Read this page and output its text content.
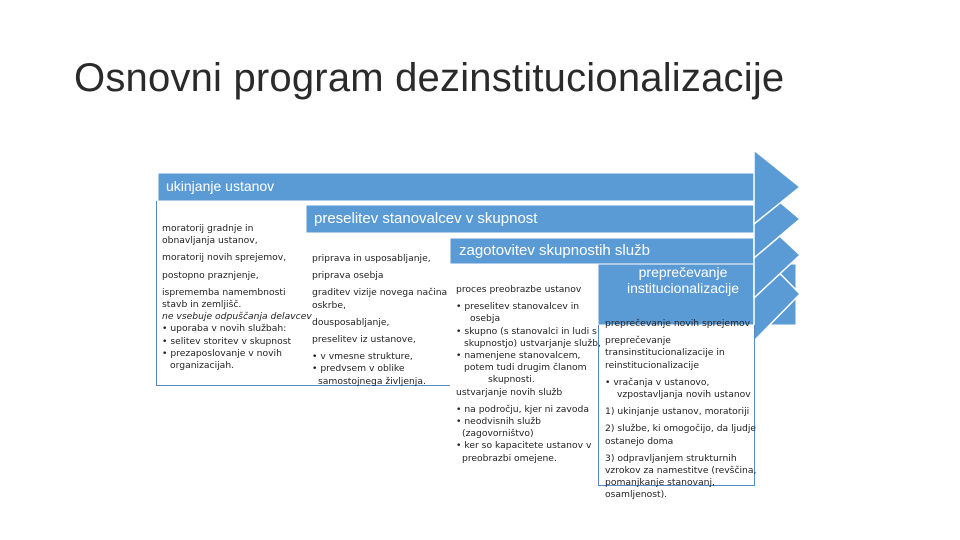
Osnovni program dezinstitucionalizacije
ukinjanje ustanov
preselitev stanovalcev v skupnost
zagotovitev skupnostih služb
preprečevanje
institucionalizacije
moratorij gradnje in
obnavljanja ustanov,
moratorij novih sprejemov,
postopno praznjenje,
isprememba namembnosti
stavb in zemljišč.
ne vsebuje odpuščanja delavcev
• uporaba v novih službah:
• selitev storitev v skupnost
• prezaposlovanje v novih
organizacijah.
priprava in usposabljanje,
priprava osebja
graditev vizije novega načina
oskrbe,
dousposabljanje,
preselitev iz ustanove,
• v vmesne strukture,
• predvsem v oblike
samostojnega življenja.
proces preobrazbe ustanov
• preselitev stanovalcev in
osebja
• skupno (s stanovalci in ludi s
skupnostjo) ustvarjanje služb,
• namenjene stanovalcem,
potem tudi drugim članom
skupnosti.
ustvarjanje novih služb
• na področju, kjer ni zavoda
• neodvisnih služb
(zagovorništvo)
• ker so kapacitete ustanov v
preobrazbi omejene.
preprečevanje novih sprejemov
preprečevanje
transinstitucionalizacije in
reinstitucionalizacije
• vračanja v ustanovo,
vzpostavljanja novih ustanov
1) ukinjanje ustanov, moratoriji
2) službe, ki omogočijo, da ljudje
ostanejo doma
3) odpravljanjem strukturnih
vzrokov za namestitve (revščina,
pomanjkanje stanovanj,
osamljenost).
